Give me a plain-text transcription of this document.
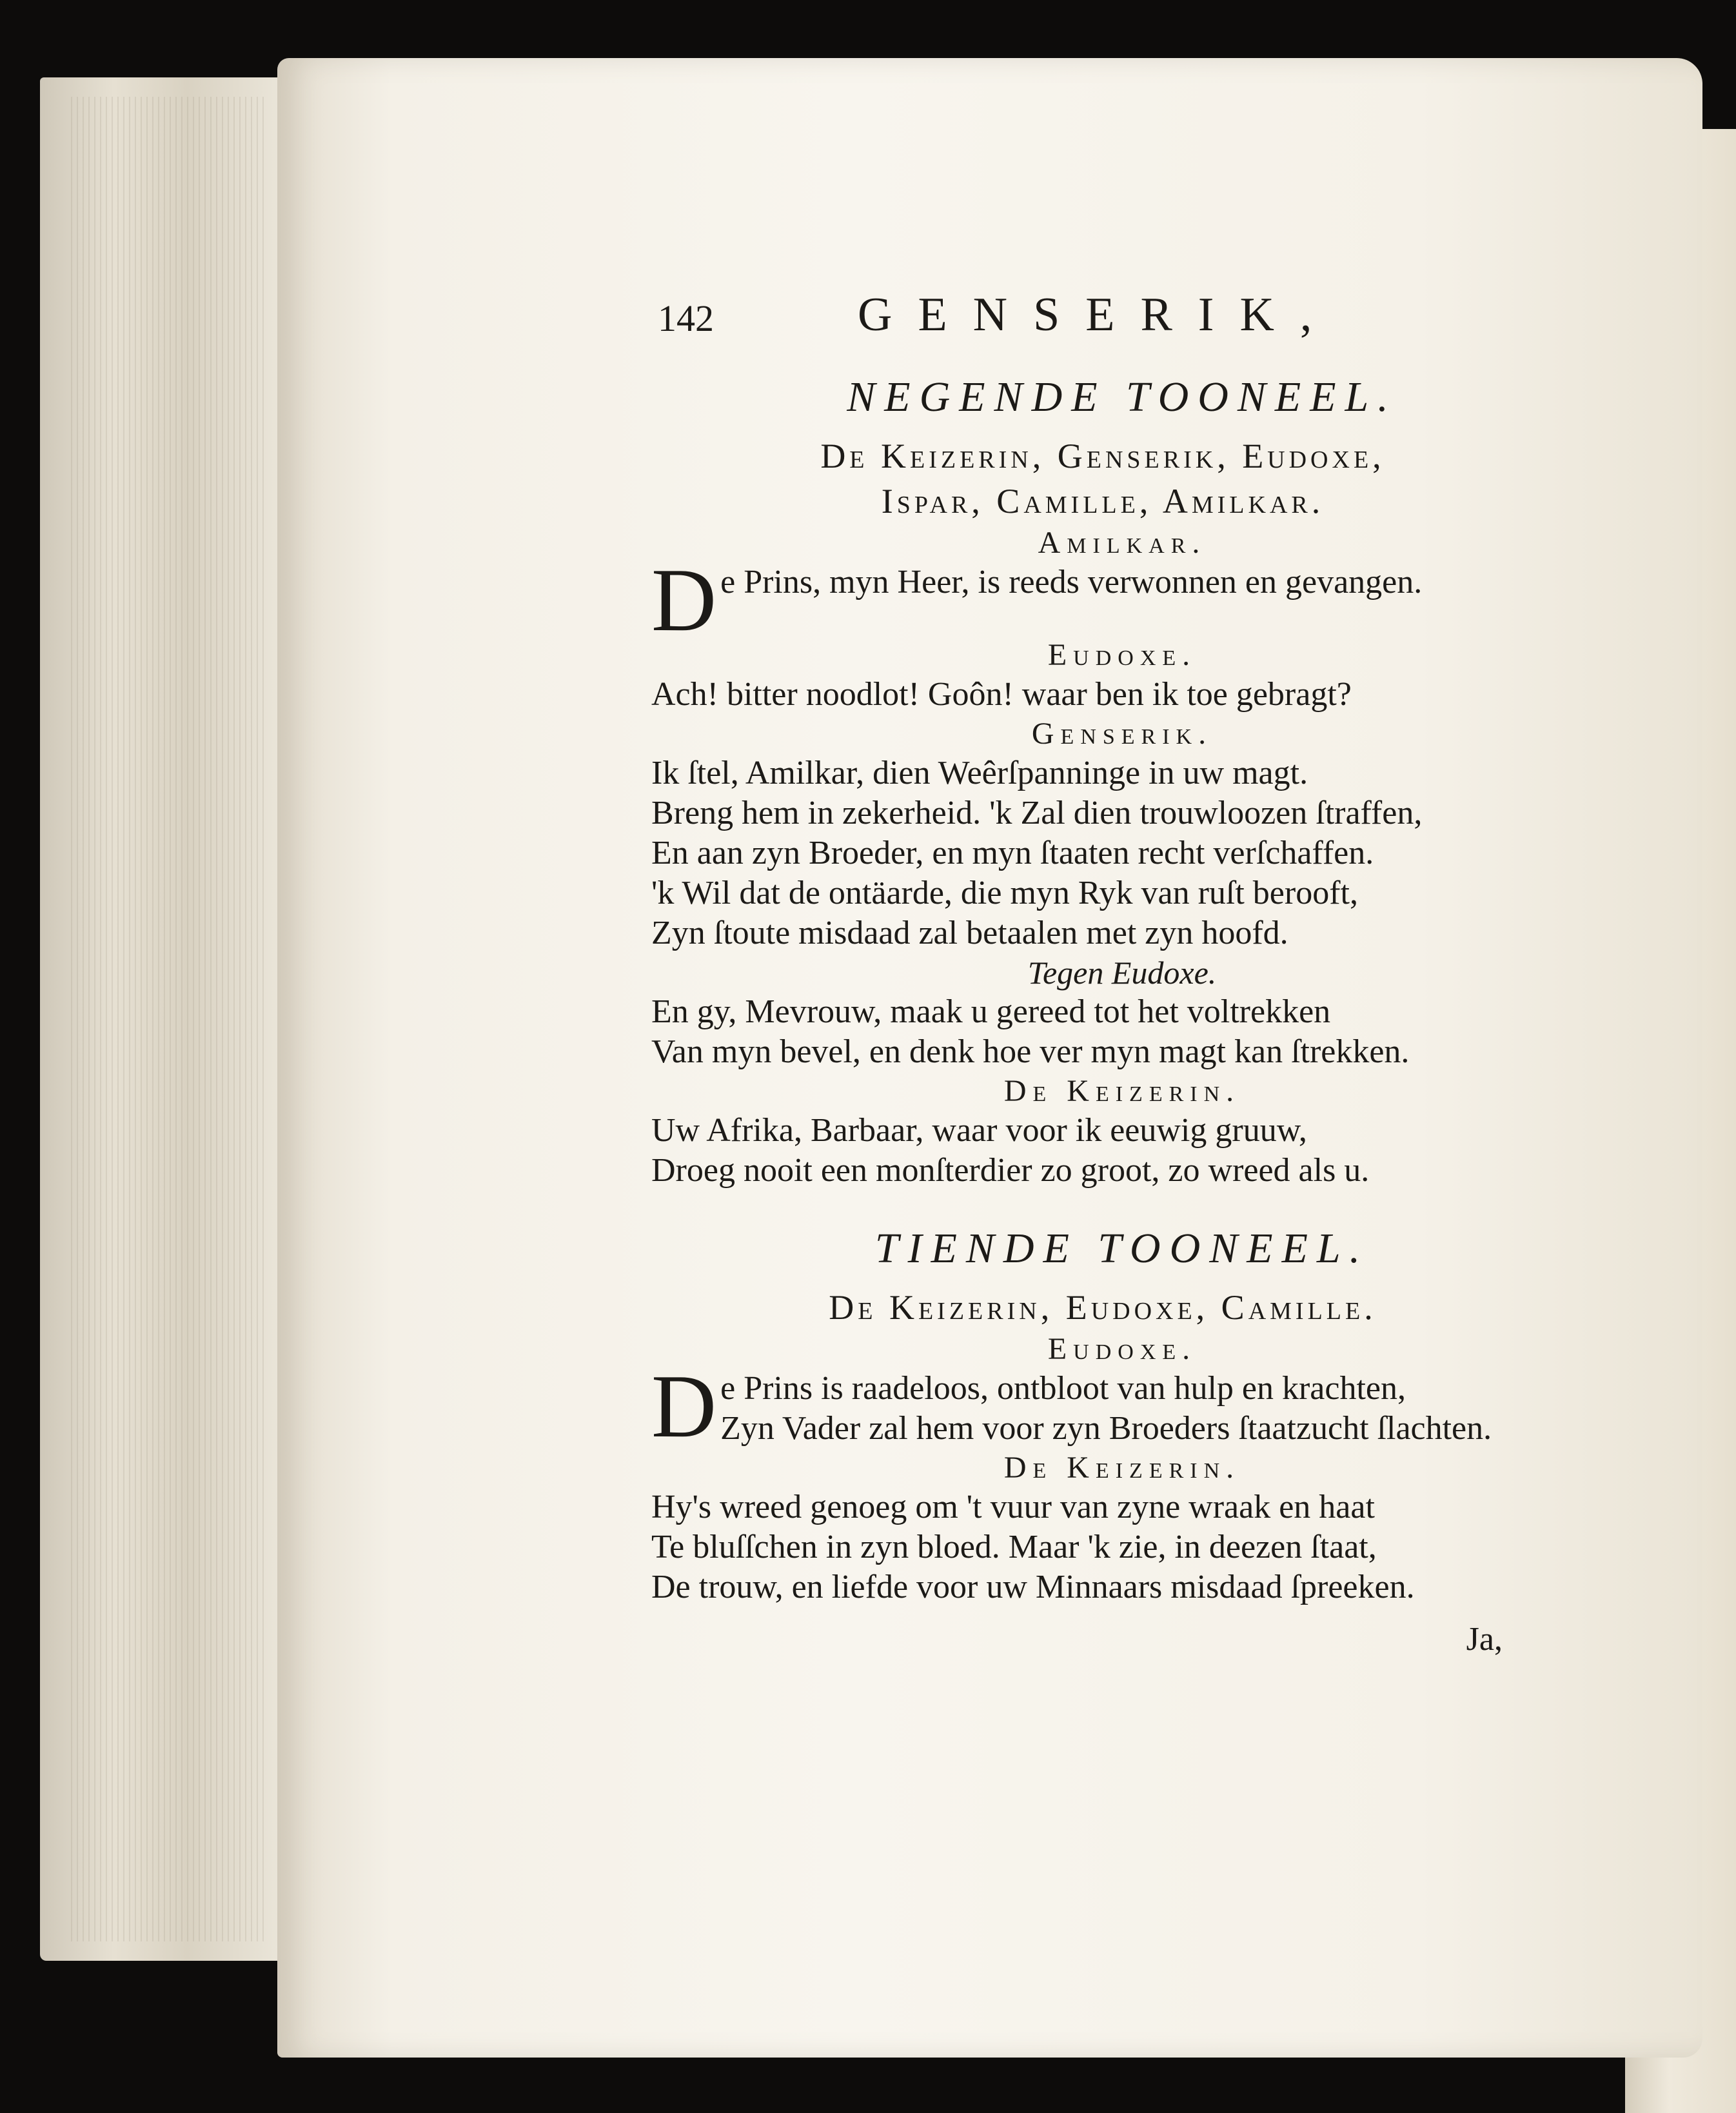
142	GENSERIK,
NEGENDE TOONEEL.
De Keizerin, Genserik, Eudoxe,
Ispar, Camille, Amilkar.
Amilkar.
De Prins, myn Heer, is reeds verwonnen en gevangen.
Eudoxe.
Ach! bitter noodlot! Goôn! waar ben ik toe gebragt?
Genserik.
Ik ſtel, Amilkar, dien Weêrſpanninge in uw magt.
Breng hem in zekerheid. 'k Zal dien trouwloozen ſtraffen,
En aan zyn Broeder, en myn ſtaaten recht verſchaffen.
'k Wil dat de ontäarde, die myn Ryk van ruſt berooft,
Zyn ſtoute misdaad zal betaalen met zyn hoofd.
Tegen Eudoxe.
En gy, Mevrouw, maak u gereed tot het voltrekken
Van myn bevel, en denk hoe ver myn magt kan ſtrekken.
De Keizerin.
Uw Afrika, Barbaar, waar voor ik eeuwig gruuw,
Droeg nooit een monſterdier zo groot, zo wreed als u.
TIENDE TOONEEL.
De Keizerin, Eudoxe, Camille.
Eudoxe.
De Prins is raadeloos, ontbloot van hulp en krachten,
Zyn Vader zal hem voor zyn Broeders ſtaatzucht ſlachten.
De Keizerin.
Hy's wreed genoeg om 't vuur van zyne wraak en haat
Te bluſſchen in zyn bloed. Maar 'k zie, in deezen ſtaat,
De trouw, en liefde voor uw Minnaars misdaad ſpreeken.
Ja,
